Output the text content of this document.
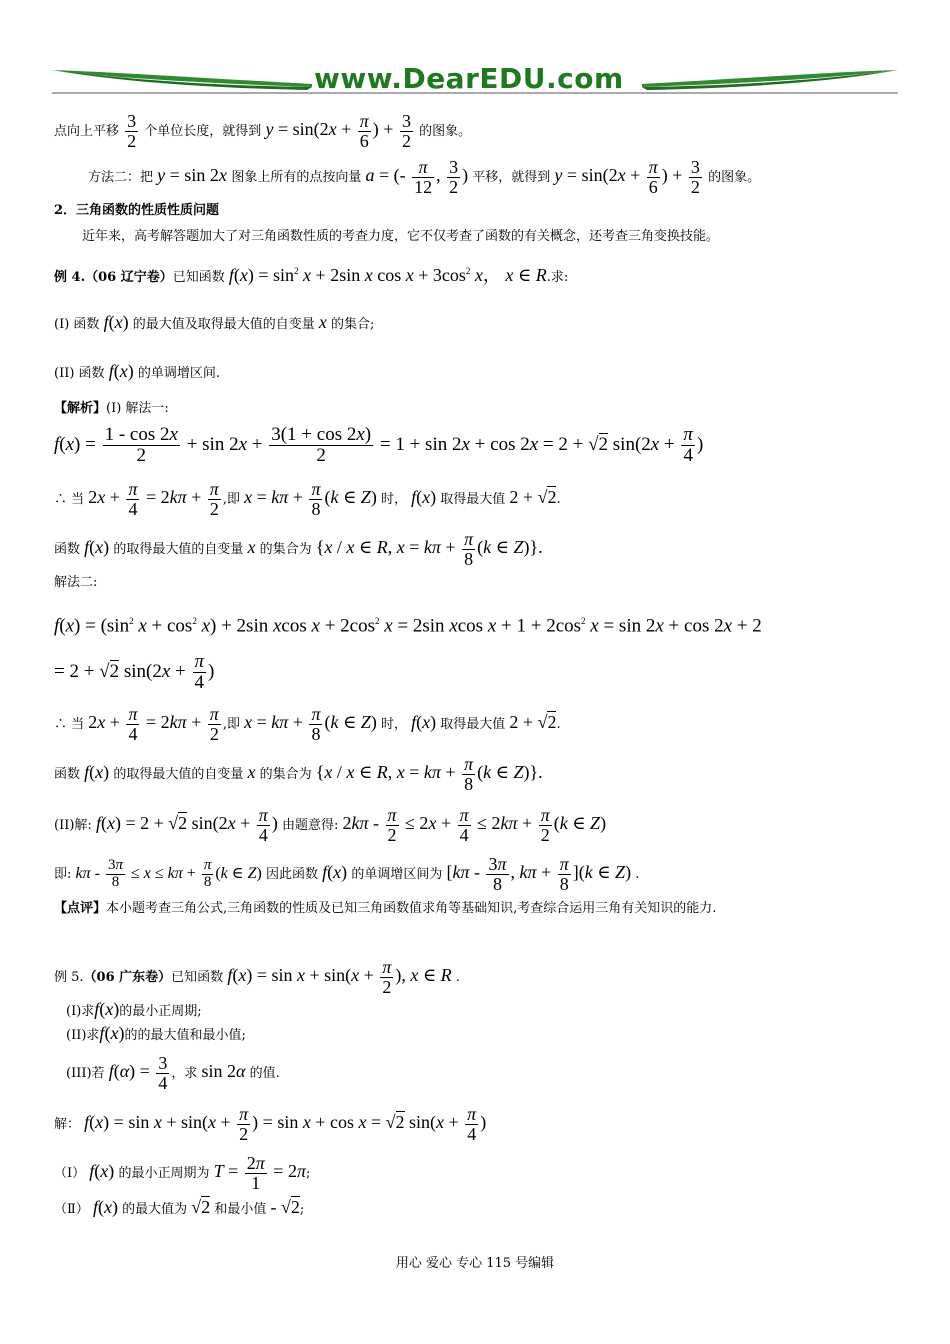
www.DearEDU.com
点向上平移 $\frac{3}{2}$ 个单位长度，就得到 $y = \sin(2x + \frac{\pi}{6}$ ) + $\frac{3}{2}$ 的图象。
方法二：把 y = sin 2x 图象上所有的点按向量 a = (- $\frac{\pi}{12}$ , $\frac{3}{2}$ ) 平移，就得到 $y = \sin(2x + \frac{\pi}{6}$ ) + $\frac{3}{2}$ 的图象。
2．三角函数的性质性质问题
近年来，高考解答题加大了对三角函数性质的考查力度，它不仅考查了函数的有关概念，还考查三角变换技能。
例 4.（06 辽宁卷）已知函数 $f(x) = \sin^2 x + 2\sin$ x $\cos x + 3\cos^2$ x， x ∈ R.求:
(I) 函数 f(x) 的最大值及取得最大值的自变量 x 的集合;
(II) 函数 f(x) 的单调增区间.
【解析】(I) 解法一:
$f(x) = \frac{1 - \cos 2x}{2} + \sin 2x + \frac{3(1 + \cos 2x)}{2} = 1 + \sin 2x + \cos 2x = 2 + √2$ $\sin(2x + \frac{\pi}{4}$ )
∴ 当 $2x + \frac{\pi}{4} = 2k\pi + \frac{\pi}{2}$ ,即 $x = k\pi + \frac{\pi}{8} (k$ ∈ Z) 时， f(x) 取得最大值 2 + √2.
函数 f(x) 的取得最大值的自变量 x 的集合为 {x / x ∈ R, $x = k\pi + \frac{\pi}{8} (k$ ∈ Z)}.
解法二:
$f(x) = (\sin^2$ $x + \cos^2 x) + 2\sin$ xcos $x + 2\cos^2$ x = 2sin xcos $x + 1 + 2\cos^2$ x = sin 2x + cos 2x + 2
= 2 + √2 $\sin(2x + \frac{\pi}{4}$ )
∴ 当 $2x + \frac{\pi}{4} = 2k\pi + \frac{\pi}{2}$ ,即 $x = k\pi + \frac{\pi}{8} (k$ ∈ Z) 时， f(x) 取得最大值 2 + √2.
函数 f(x) 的取得最大值的自变量 x 的集合为 {x / x ∈ R, $x = k\pi + \frac{\pi}{8} (k$ ∈ Z)}.
(II)解: f(x) = 2 + √2 $\sin(2x + \frac{\pi}{4}$ ) 由题意得: $2k\pi - \frac{\pi}{2} \le 2x + \frac{\pi}{4} \le 2k\pi + \frac{\pi}{2} (k$ ∈ Z)
即: $k\pi - \frac{3\pi}{8} \le x \le k\pi + \frac{\pi}{8} (k$ ∈ Z) 因此函数 f(x) 的单调增区间为 [$k\pi - \frac{3\pi}{8}$ , $k\pi + \frac{\pi}{8} ](k$ ∈ Z) .
【点评】本小题考查三角公式,三角函数的性质及已知三角函数值求角等基础知识,考查综合运用三角有关知识的能力.
例 5.（06 广东卷）已知函数 $f(x) = \sin x + \sin(x + \frac{\pi}{2}$ ), x ∈ R .
(I)求f(x)的最小正周期;
(II)求f(x)的的最大值和最小值;
(III)若 $f(\alpha) = \frac{3}{4}$ ，求 sin 2α 的值.
解： $f(x) = \sin x + \sin(x + \frac{\pi}{2}$ ) = sin x + cos x = √2 $\sin(x + \frac{\pi}{4}$ )
（Ⅰ） f(x) 的最小正周期为 $T = \frac{2\pi}{1} = 2\pi$;
（Ⅱ） f(x) 的最大值为 √2 和最小值 - √2;
用心 爱心 专心 115 号编辑
